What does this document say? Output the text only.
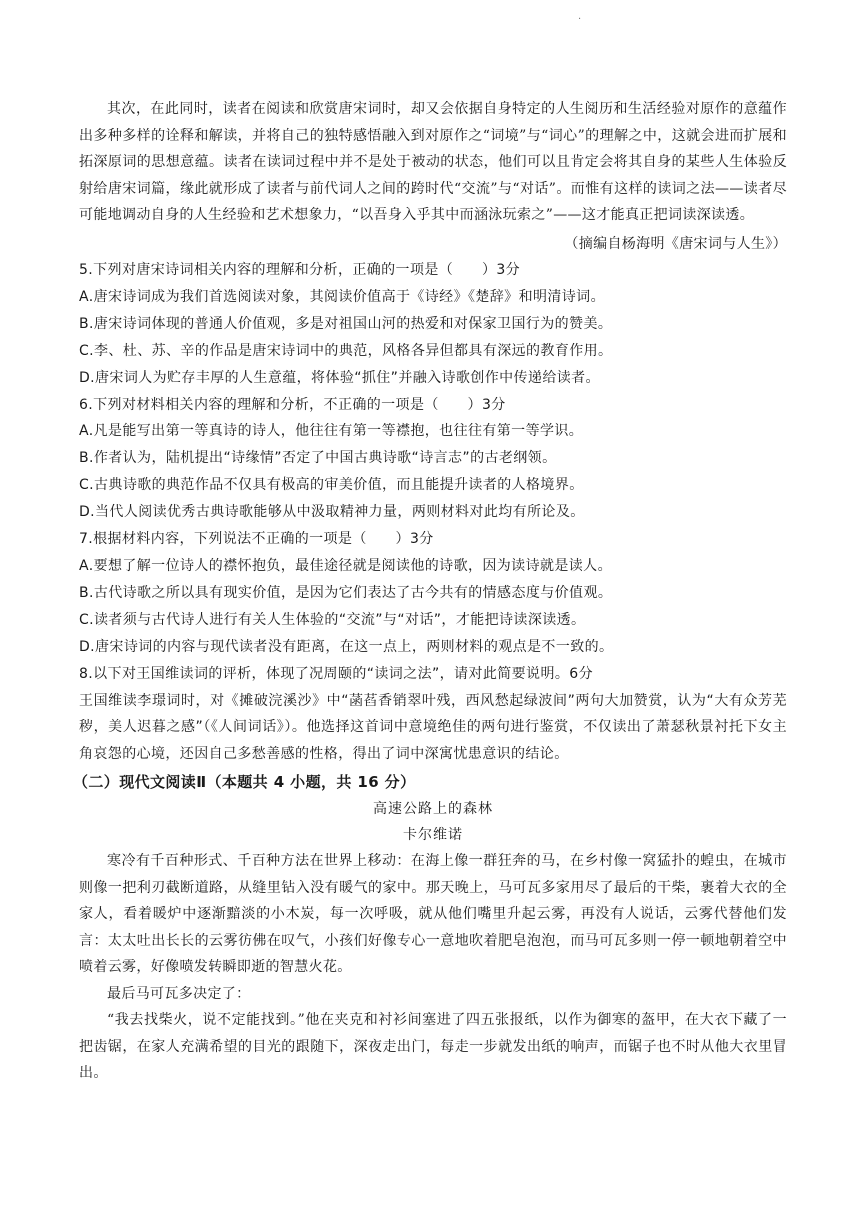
·

其次，在此同时，读者在阅读和欣赏唐宋词时，却又会依据自身特定的人生阅历和生活经验对原作的意蕴作出多种多样的诠释和解读，并将自己的独特感悟融入到对原作之“词境”与“词心”的理解之中，这就会进而扩展和拓深原词的思想意蕴。读者在读词过程中并不是处于被动的状态，他们可以且肯定会将其自身的某些人生体验反射给唐宋词篇，缘此就形成了读者与前代词人之间的跨时代“交流”与“对话”。而惟有这样的读词之法——读者尽可能地调动自身的人生经验和艺术想象力，“以吾身入乎其中而涵泳玩索之”——这才能真正把词读深读透。

（摘编自杨海明《唐宋词与人生》）

5.下列对唐宋诗词相关内容的理解和分析，正确的一项是（　　）3分

A.唐宋诗词成为我们首选阅读对象，其阅读价值高于《诗经》《楚辞》和明清诗词。

B.唐宋诗词体现的普通人价值观，多是对祖国山河的热爱和对保家卫国行为的赞美。

C.李、杜、苏、辛的作品是唐宋诗词中的典范，风格各异但都具有深远的教育作用。

D.唐宋词人为贮存丰厚的人生意蕴，将体验“抓住”并融入诗歌创作中传递给读者。

6.下列对材料相关内容的理解和分析，不正确的一项是（　　）3分

A.凡是能写出第一等真诗的诗人，他往往有第一等襟抱，也往往有第一等学识。

B.作者认为，陆机提出“诗缘情”否定了中国古典诗歌“诗言志”的古老纲领。

C.古典诗歌的典范作品不仅具有极高的审美价值，而且能提升读者的人格境界。

D.当代人阅读优秀古典诗歌能够从中汲取精神力量，两则材料对此均有所论及。

7.根据材料内容，下列说法不正确的一项是（　　）3分

A.要想了解一位诗人的襟怀抱负，最佳途径就是阅读他的诗歌，因为读诗就是读人。

B.古代诗歌之所以具有现实价值，是因为它们表达了古今共有的情感态度与价值观。

C.读者须与古代诗人进行有关人生体验的“交流”与“对话”，才能把诗读深读透。

D.唐宋诗词的内容与现代读者没有距离，在这一点上，两则材料的观点是不一致的。

8.以下对王国维读词的评析，体现了况周颐的“读词之法”，请对此简要说明。6分

王国维读李璟词时，对《摊破浣溪沙》中“菡萏香销翠叶残，西风愁起绿波间”两句大加赞赏，认为“大有众芳芜秽，美人迟暮之感”（《人间词话》）。他选择这首词中意境绝佳的两句进行鉴赏，不仅读出了萧瑟秋景衬托下女主角哀怨的心境，还因自己多愁善感的性格，得出了词中深寓忧患意识的结论。

（二）现代文阅读Ⅱ（本题共 4 小题，共 16 分）

高速公路上的森林

卡尔维诺

寒冷有千百种形式、千百种方法在世界上移动：在海上像一群狂奔的马，在乡村像一窝猛扑的蝗虫，在城市则像一把利刃截断道路，从缝里钻入没有暖气的家中。那天晚上，马可瓦多家用尽了最后的干柴，裹着大衣的全家人，看着暖炉中逐渐黯淡的小木炭，每一次呼吸，就从他们嘴里升起云雾，再没有人说话，云雾代替他们发言：太太吐出长长的云雾彷佛在叹气，小孩们好像专心一意地吹着肥皂泡泡，而马可瓦多则一停一顿地朝着空中喷着云雾，好像喷发转瞬即逝的智慧火花。

最后马可瓦多决定了：

“我去找柴火，说不定能找到。”他在夹克和衬衫间塞进了四五张报纸，以作为御寒的盔甲，在大衣下藏了一把齿锯，在家人充满希望的目光的跟随下，深夜走出门，每走一步就发出纸的响声，而锯子也不时从他大衣里冒出。
